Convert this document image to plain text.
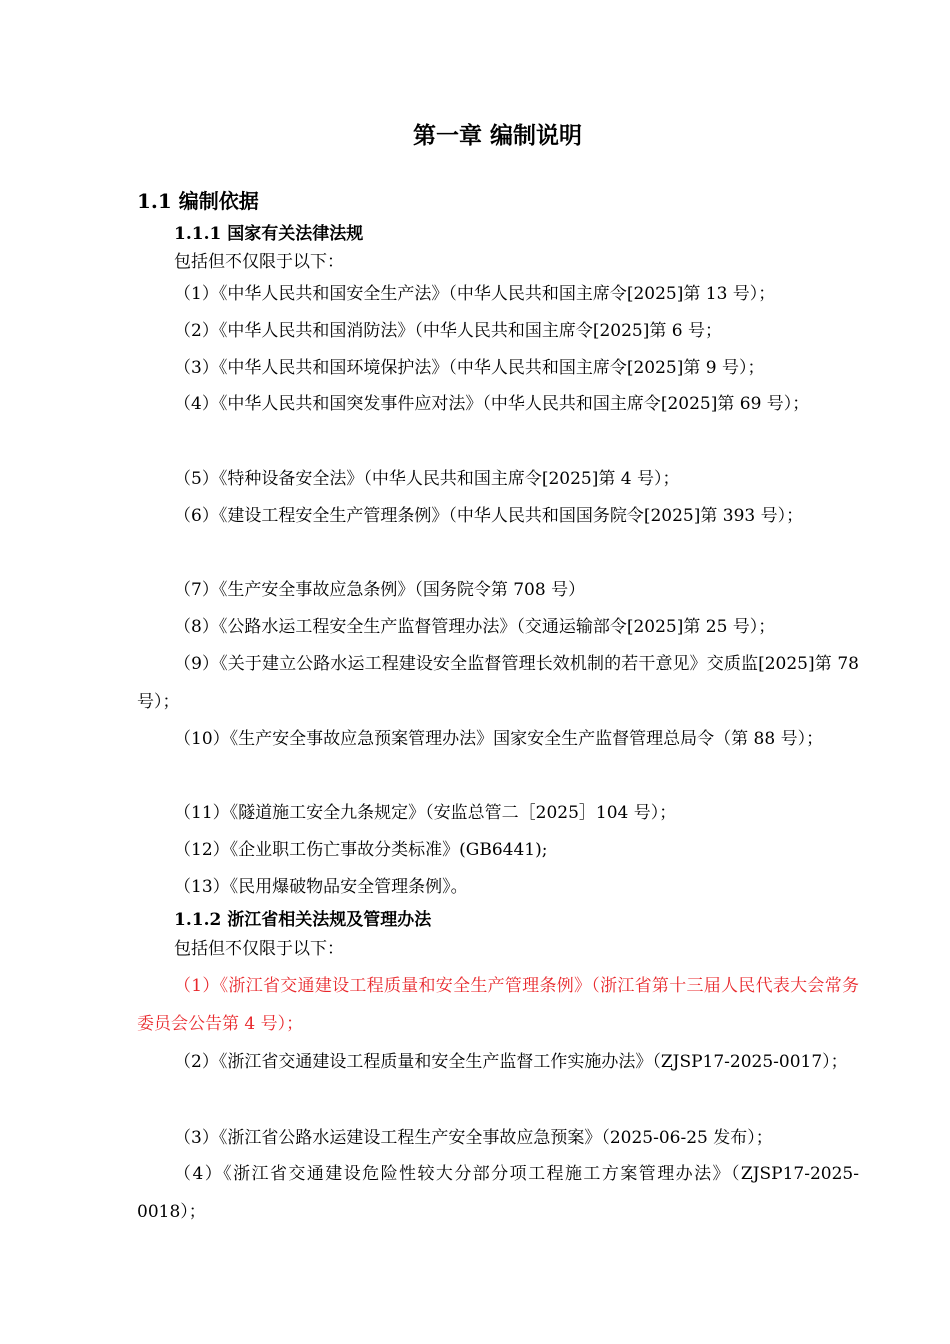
第一章 编制说明
1.1 编制依据
1.1.1 国家有关法律法规

包括但不仅限于以下：

（1）《中华人民共和国安全生产法》（中华人民共和国主席令[2025]第 13 号）；

（2）《中华人民共和国消防法》（中华人民共和国主席令[2025]第 6 号；

（3）《中华人民共和国环境保护法》（中华人民共和国主席令[2025]第 9 号）；

（4）《中华人民共和国突发事件应对法》（中华人民共和国主席令[2025]第 69 号）；

（5）《特种设备安全法》（中华人民共和国主席令[2025]第 4 号）；

（6）《建设工程安全生产管理条例》（中华人民共和国国务院令[2025]第 393 号）；

（7）《生产安全事故应急条例》（国务院令第 708 号）

（8）《公路水运工程安全生产监督管理办法》（交通运输部令[2025]第 25 号）；

（9）《关于建立公路水运工程建设安全监督管理长效机制的若干意见》交质监[2025]第 78 号）；

（10）《生产安全事故应急预案管理办法》国家安全生产监督管理总局令（第 88 号）；

（11）《隧道施工安全九条规定》（安监总管二［2025］104 号）；

（12）《企业职工伤亡事故分类标准》(GB6441);

（13）《民用爆破物品安全管理条例》。

1.1.2 浙江省相关法规及管理办法

包括但不仅限于以下：

（1）《浙江省交通建设工程质量和安全生产管理条例》（浙江省第十三届人民代表大会常务委员会公告第 4 号）；

（2）《浙江省交通建设工程质量和安全生产监督工作实施办法》（ZJSP17-2025-0017）；

（3）《浙江省公路水运建设工程生产安全事故应急预案》（2025-06-25 发布）；

（4）《浙江省交通建设危险性较大分部分项工程施工方案管理办法》（ZJSP17-2025-0018）；
